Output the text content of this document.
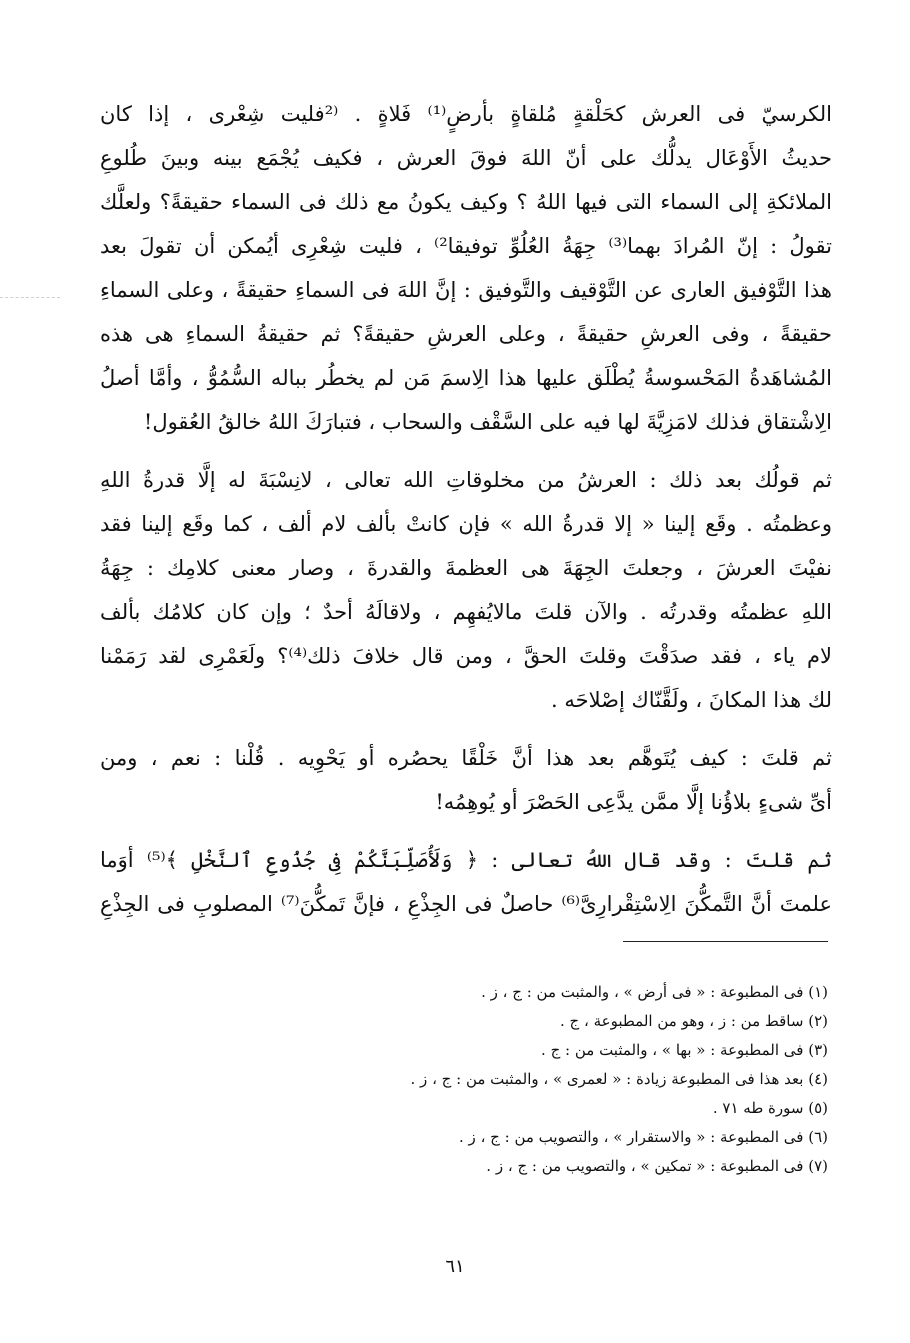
الكرسيّ فى العرش كحَلْقةٍ مُلقاةٍ بأرضٍ⁽¹⁾ فَلاةٍ . ⁽²فليت شِعْرى ، إذا كان
حديثُ الأَوْعَال يدلُّك على أنّ اللهَ فوقَ العرش ، فكيف يُجْمَع بينه وبينَ طُلوعِ
الملائكةِ إلى السماء التى فيها اللهُ ؟ وكيف يكونُ مع ذلك فى السماء حقيقةً؟ ولعلَّك
تقولُ : إنّ المُرادَ بهما⁽³⁾ جِهَةُ العُلُوِّ توفيقا²⁾ ، فليت شِعْرِى أيُمكن أن تقولَ بعد
هذا التَّوْفيق العارى عن التَّوْقيف والتَّوفيق : إنَّ اللهَ فى السماءِ حقيقةً ، وعلى السماءِ
حقيقةً ، وفى العرشِ حقيقةً ، وعلى العرشِ حقيقةً؟ ثم حقيقةُ السماءِ هى هذه
المُشاهَدةُ المَحْسوسةُ يُطْلَق عليها هذا الِاسمَ مَن لم يخطُر بباله السُّمُوُّ ، وأمَّا أصلُ
الِاشْتقاق فذلك لامَزِيَّةَ لها فيه على السَّقْف والسحاب ، فتبارَكَ اللهُ خالقُ العُقول!
ثم قولُك بعد ذلك : العرشُ من مخلوقاتِ الله تعالى ، لانِسْبَةَ له إلَّا قدرةُ اللهِ
وعظمتُه . وقَع إلينا « إلا قدرةُ الله » فإن كانتْ بألف لام ألف ، كما وقَع إلينا فقد
نفيْتَ العرشَ ، وجعلتَ الجِهَةَ هى العظمةَ والقدرةَ ، وصار معنى كلامِك : جِهَةُ
اللهِ عظمتُه وقدرتُه . والآن قلتَ مالايُفهِم ، ولاقالَهُ أحدٌ ؛ وإن كان كلامُك بألف
لام ياء ، فقد صدَقْتَ وقلتَ الحقَّ ، ومن قال خلافَ ذلك⁽⁴⁾؟ ولَعَمْرِى لقد رَمَمْنا
لك هذا المكانَ ، ولَقَّنّاك إصْلاحَه .
ثم قلتَ : كيف يُتَوهَّم بعد هذا أنَّ خَلْقًا يحصُره أو يَحْوِيه . قُلْنا : نعم ، ومن
أىِّ شىءٍ بلاؤُنا إلَّا ممَّن يدَّعِى الحَصْرَ أو يُوهِمُه!
ثم قلتَ : وقد قال اللهُ تعالى : ﴿ وَلَأُصَلِّبَنَّكُمْ فِى جُذُوعِ ٱلنَّخْلِ ﴾⁽⁵⁾ أوَما
علمتَ أنَّ التَّمكُّنَ الِاسْتِقْرارِىَّ⁽⁶⁾ حاصلٌ فى الجِذْعِ ، فإنَّ تَمكُّنَ⁽⁷⁾ المصلوبِ فى الجِذْعِ
(١) فى المطبوعة : « فى أرض » ، والمثبت من : ج ، ز .
(٢) ساقط من : ز ، وهو من المطبوعة ، ج .
(٣) فى المطبوعة : « بها » ، والمثبت من : ج .
(٤) بعد هذا فى المطبوعة زيادة : « لعمرى » ، والمثبت من : ج ، ز .
(٥) سورة طه ٧١ .
(٦) فى المطبوعة : « والاستقرار » ، والتصويب من : ج ، ز .
(٧) فى المطبوعة : « تمكين » ، والتصويب من : ج ، ز .
٦١
